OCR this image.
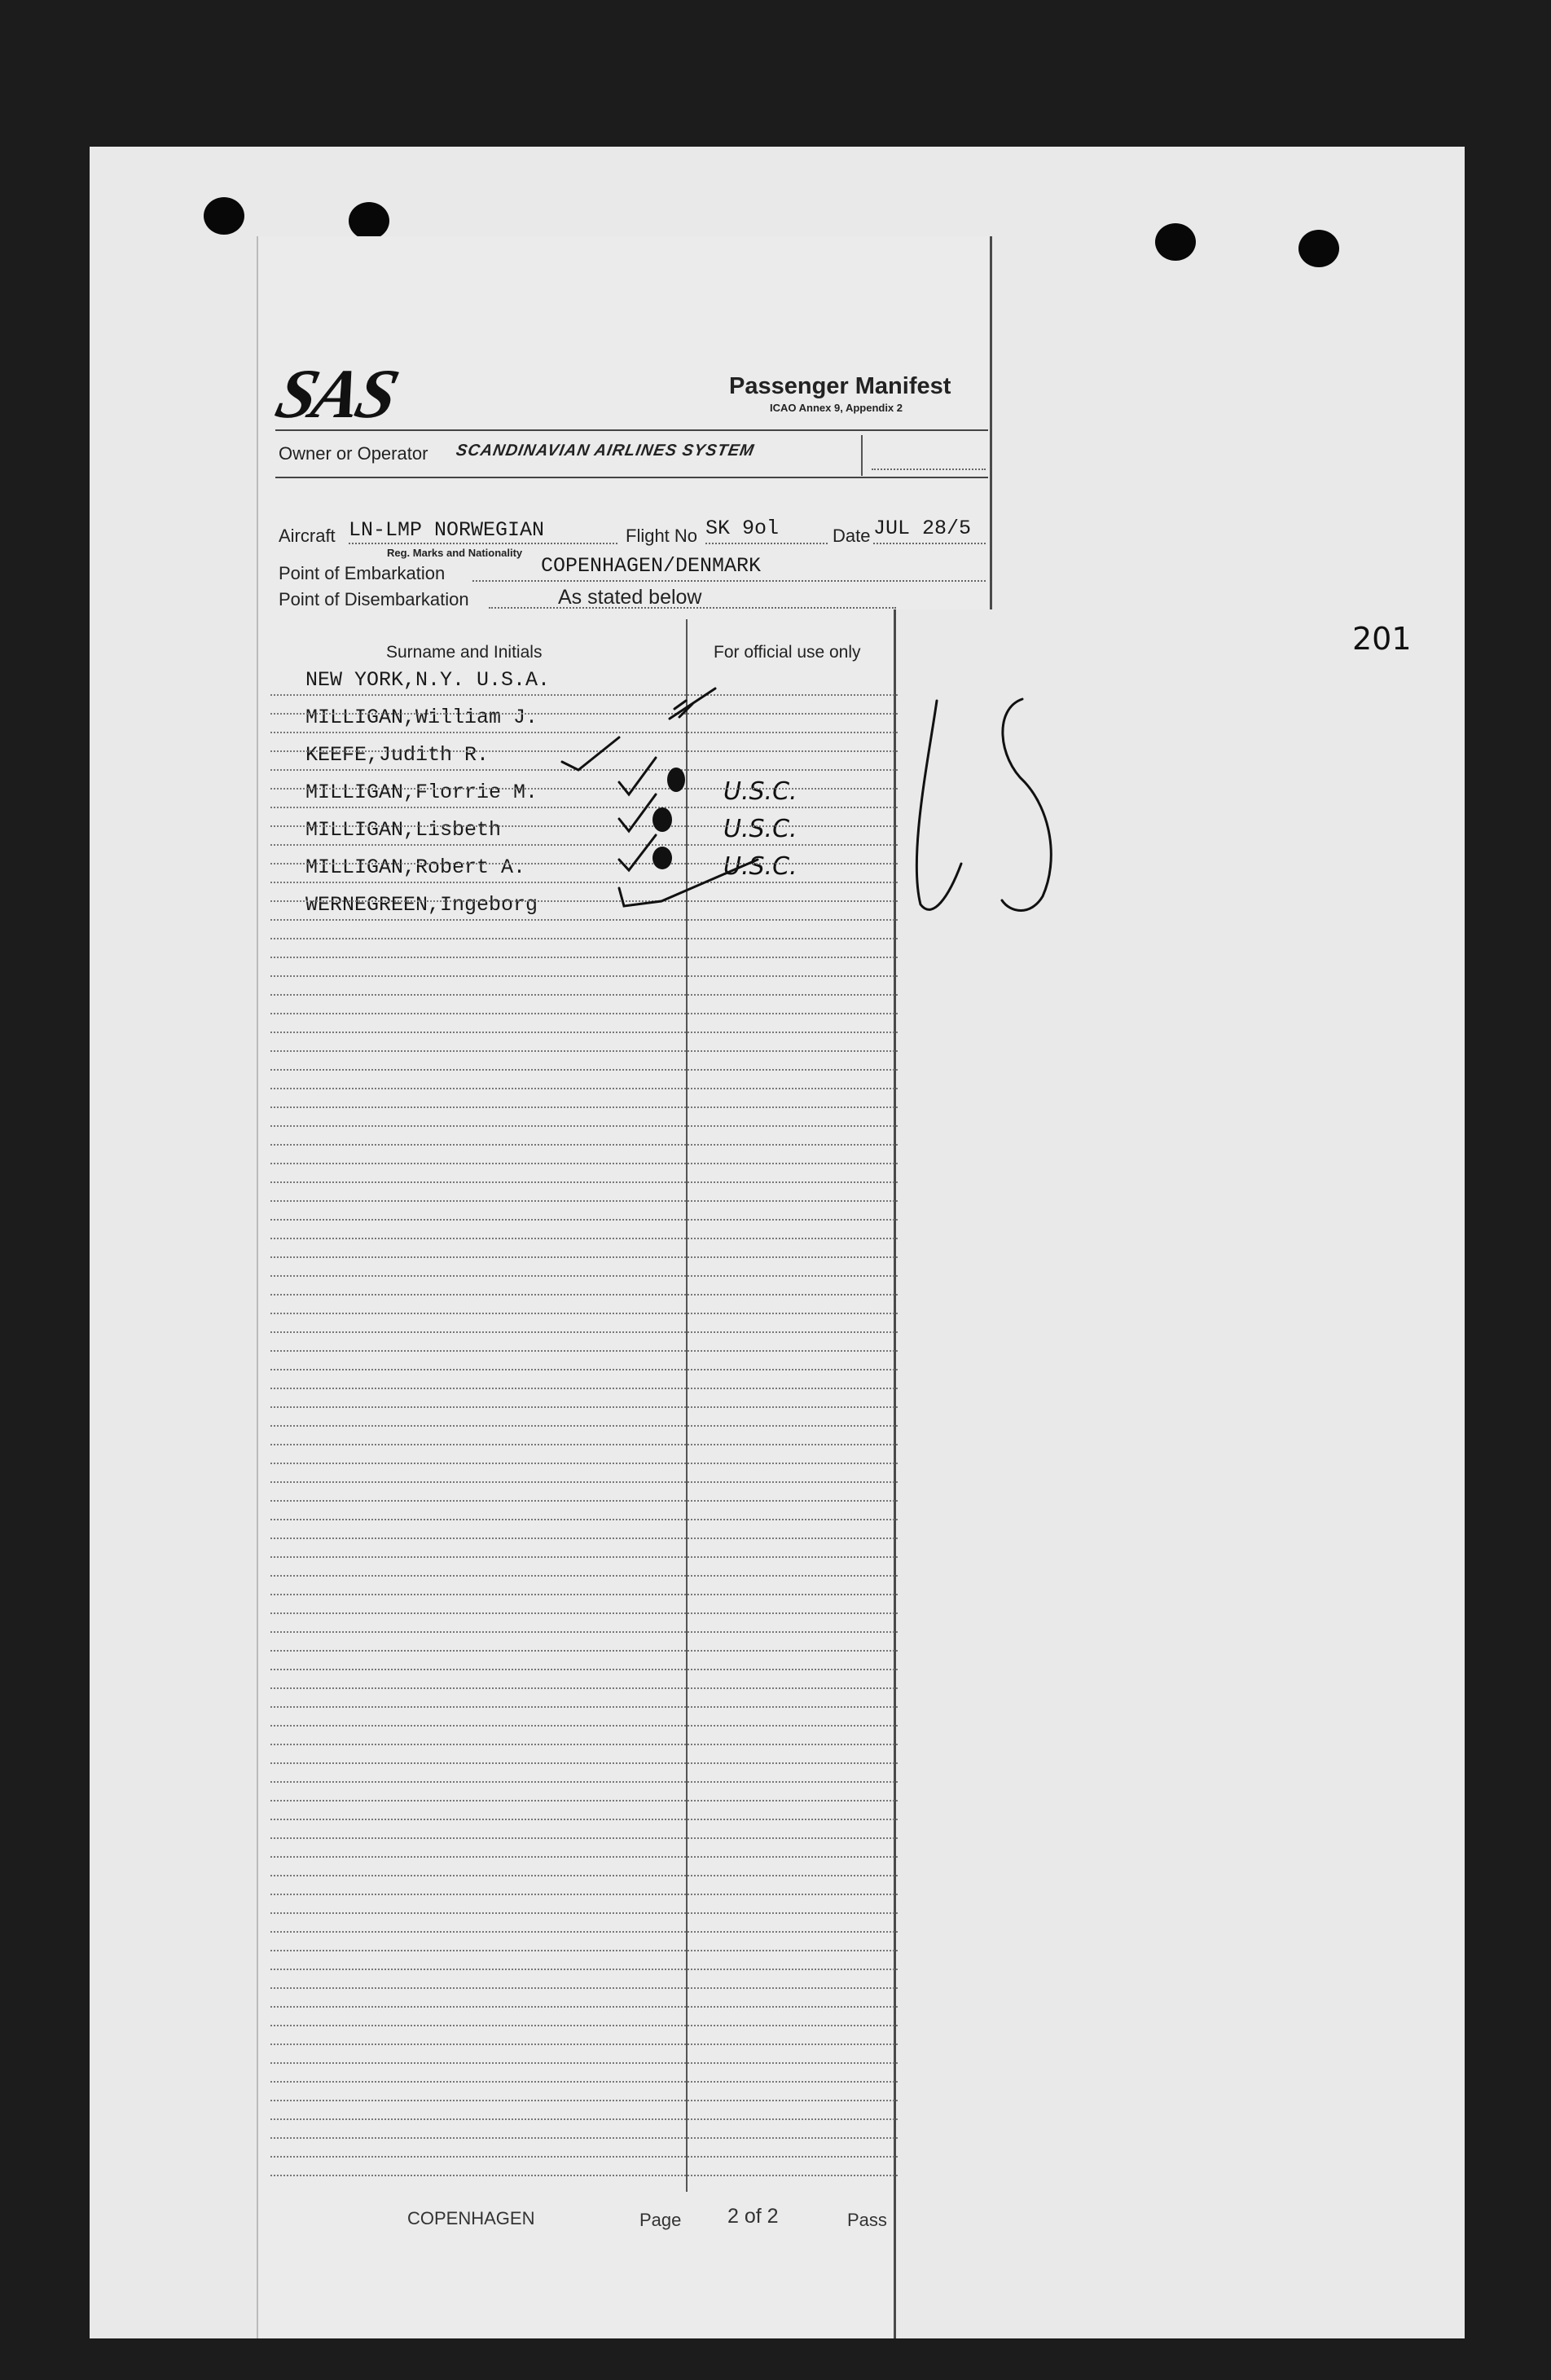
SAS	Passenger Manifest
ICAO Annex 9, Appendix 2
Owner or Operator SCANDINAVIAN AIRLINES SYSTEM
Aircraft LN-LMP NORWEGIAN
Reg. Marks and Nationality
Flight No SK 9ol	Date JUL 28/5
Point of Embarkation	COPENHAGEN/DENMARK
Point of Disembarkation	As stated below
Surname and Initials	For official use only
NEW YORK,N.Y. U.S.A.
MILLIGAN,William J.
KEEFE,Judith R.
MILLIGAN,Florrie M.	U.S.C.
MILLIGAN,Lisbeth	U.S.C.
MILLIGAN,Robert A.	U.S.C.
WERNEGREEN,Ingeborg
201
COPENHAGEN	Page 2 of 2	Pass
